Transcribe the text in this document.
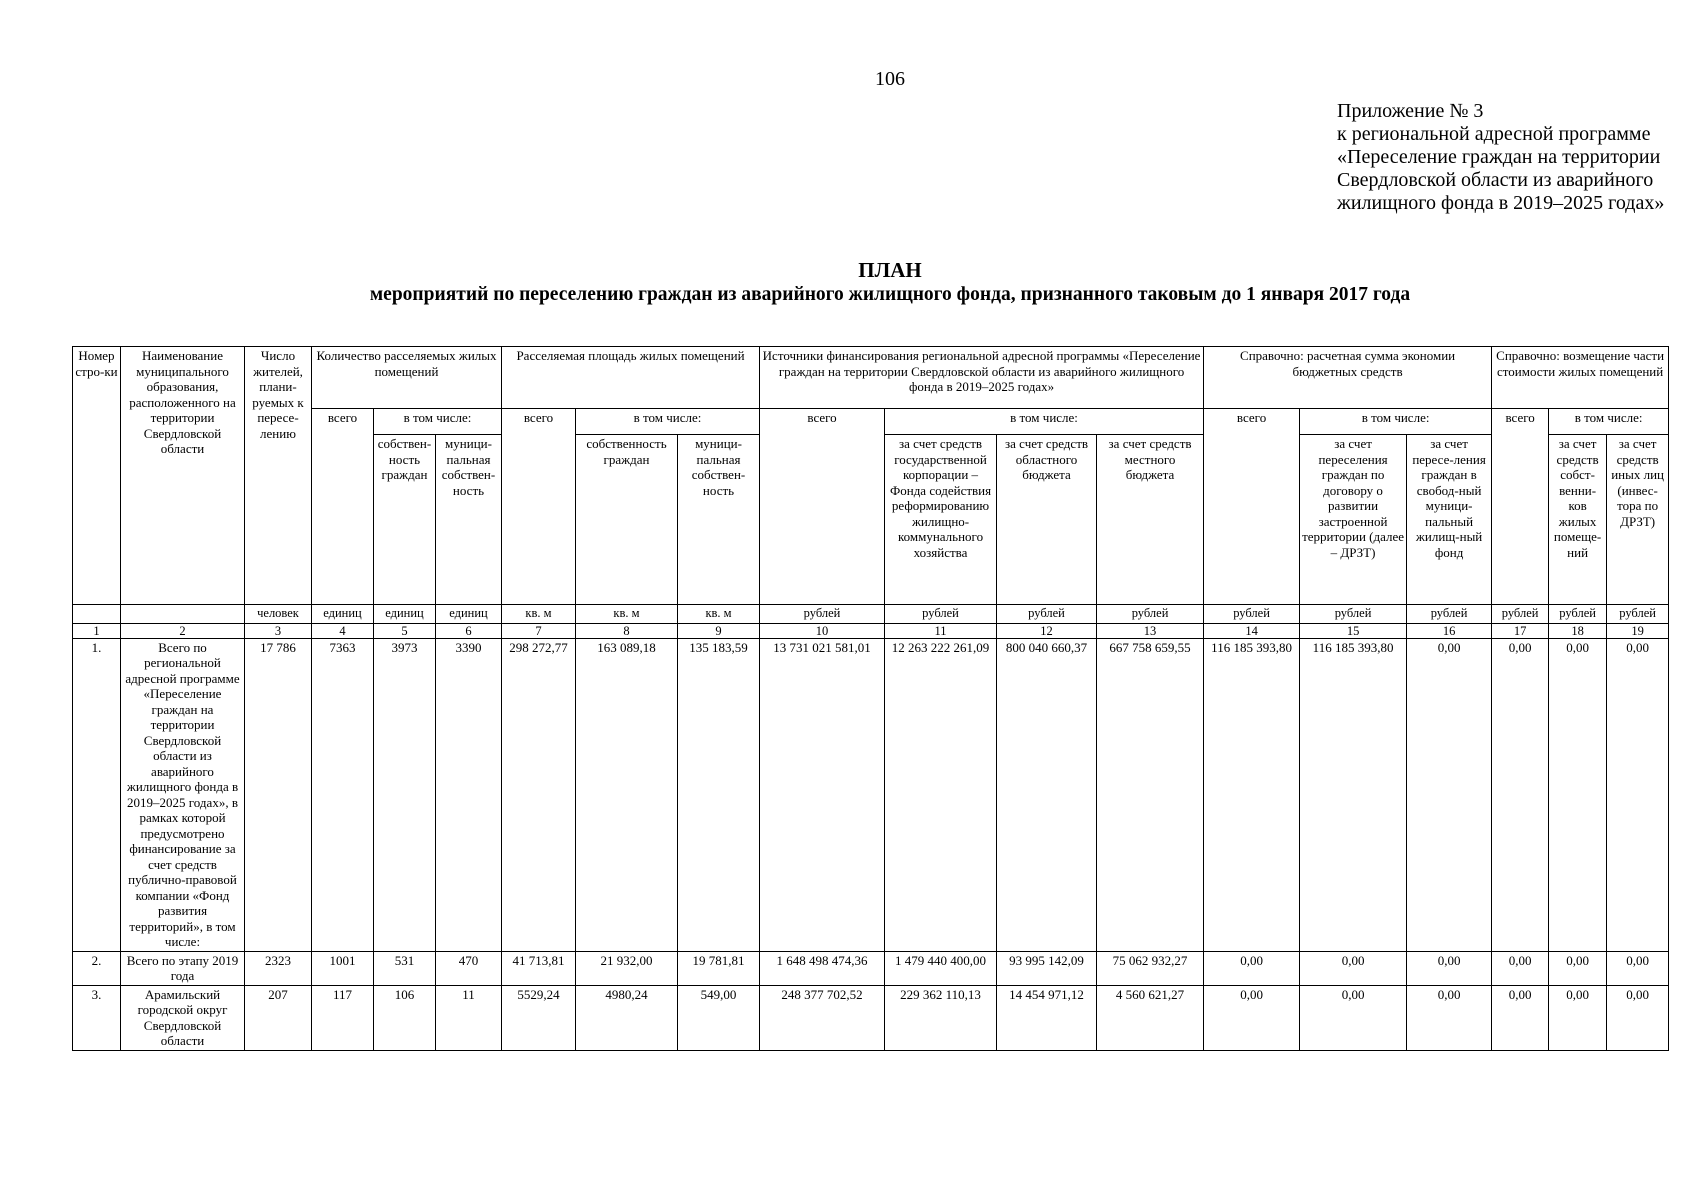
106
Приложение № 3
к региональной адресной программе
«Переселение граждан на территории
Свердловской области из аварийного
жилищного фонда в 2019–2025 годах»
ПЛАН
мероприятий по переселению граждан из аварийного жилищного фонда, признанного таковым до 1 января 2017 года
Номер стро-ки	Наименование муниципального образования, расположенного на территории Свердловской области	Число жителей, плани-руемых к пересе-лению	Количество расселяемых жилых помещений			Расселяемая площадь жилых помещений			Источники финансирования региональной адресной программы «Переселение граждан на территории Свердловской области из аварийного жилищного фонда в 2019–2025 годах»				Справочно: расчетная сумма экономии бюджетных средств			Справочно: возмещение части стоимости жилых помещений		
			всего	в том числе:		всего	в том числе:		всего	в том числе:			всего	в том числе:		всего	в том числе:	
				собствен-ность граждан	муници-пальная собствен-ность		собственность граждан	муници-пальная собствен-ность		за счет средств государственной корпорации – Фонда содействия реформированию жилищно-коммунального хозяйства	за счет средств областного бюджета	за счет средств местного бюджета		за счет переселения граждан по договору о развитии застроенной территории (далее – ДРЗТ)	за счет пересе-ления граждан в свобод-ный муници-пальный жилищ-ный фонд		за счет средств собст-венни-ков жилых помеще-ний	за счет средств иных лиц (инвес-тора по ДРЗТ)
		человек	единиц	единиц	единиц	кв. м	кв. м	кв. м	рублей	рублей	рублей	рублей	рублей	рублей	рублей	рублей	рублей	рублей
1	2	3	4	5	6	7	8	9	10	11	12	13	14	15	16	17	18	19
1.	Всего по региональной адресной программе «Переселение граждан на территории Свердловской области из аварийного жилищного фонда в 2019–2025 годах», в рамках которой предусмотрено финансирование за счет средств публично-правовой компании «Фонд развития территорий», в том числе:	17 786	7363	3973	3390	298 272,77	163 089,18	135 183,59	13 731 021 581,01	12 263 222 261,09	800 040 660,37	667 758 659,55	116 185 393,80	116 185 393,80	0,00	0,00	0,00	0,00
2.	Всего по этапу 2019 года	2323	1001	531	470	41 713,81	21 932,00	19 781,81	1 648 498 474,36	1 479 440 400,00	93 995 142,09	75 062 932,27	0,00	0,00	0,00	0,00	0,00	0,00
3.	Арамильский городской округ Свердловской области	207	117	106	11	5529,24	4980,24	549,00	248 377 702,52	229 362 110,13	14 454 971,12	4 560 621,27	0,00	0,00	0,00	0,00	0,00	0,00
